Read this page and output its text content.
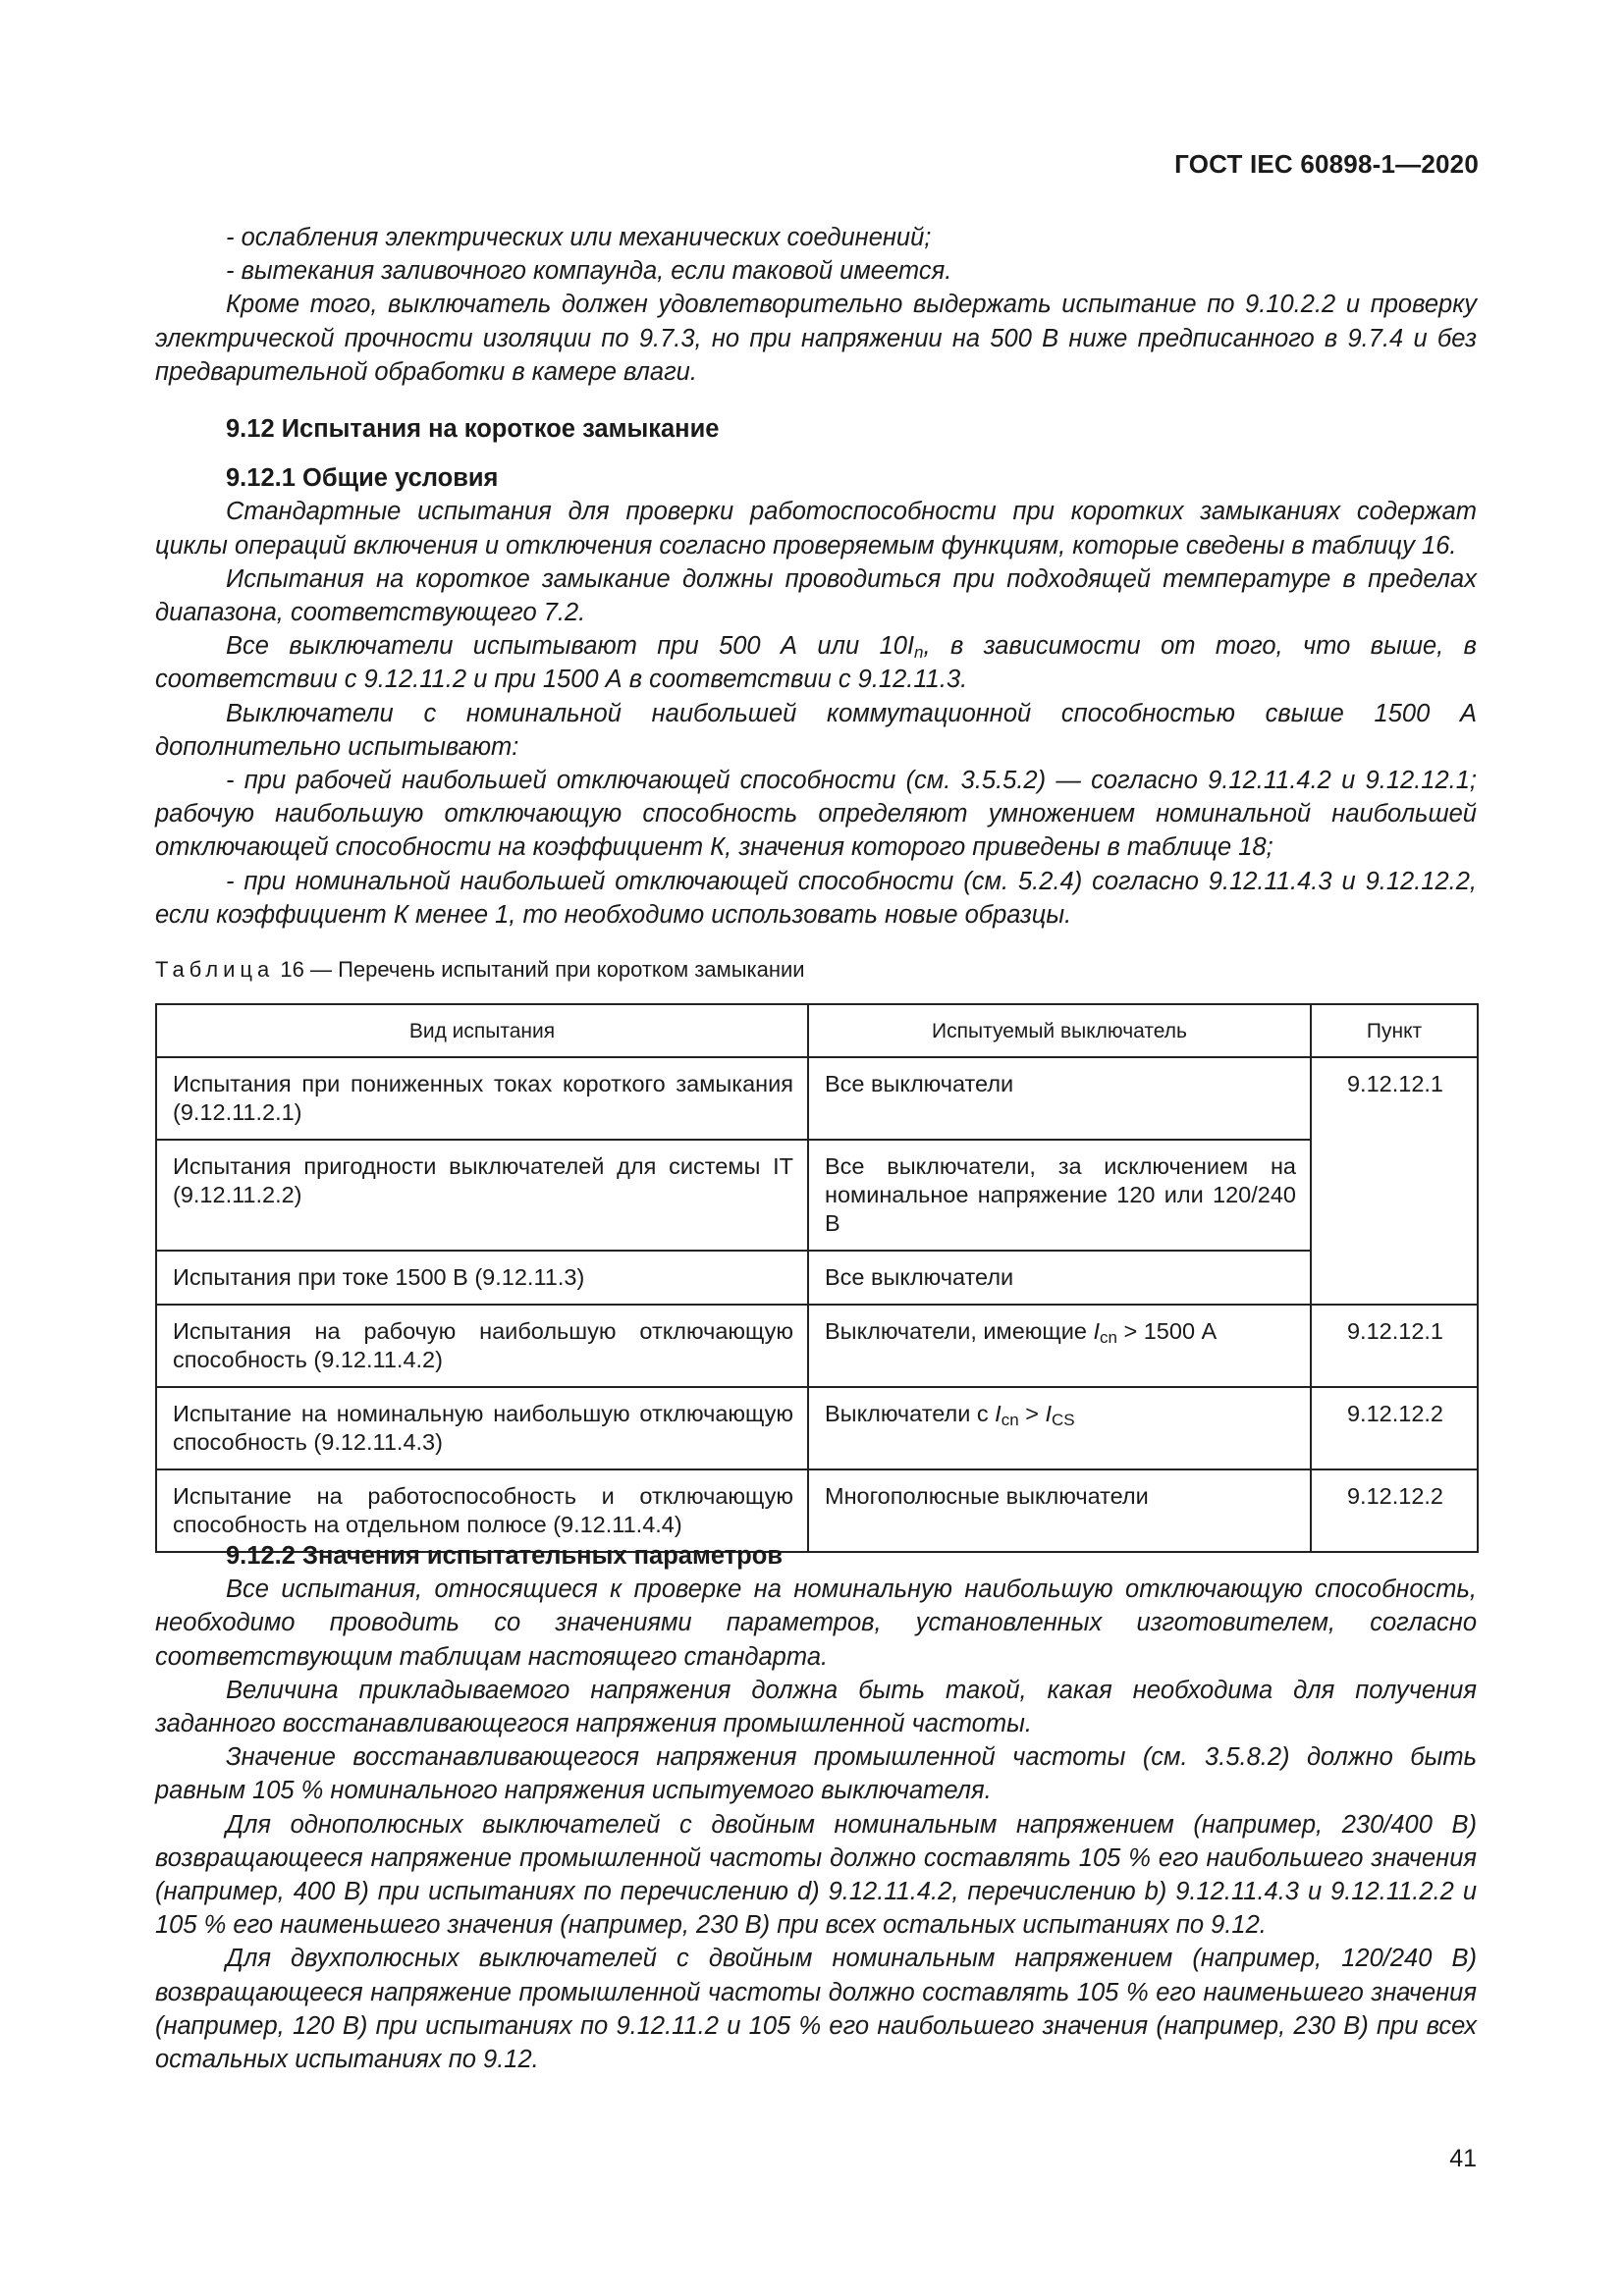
ГОСТ IEC 60898-1—2020

- ослабления электрических или механических соединений;

- вытекания заливочного компаунда, если таковой имеется.

Кроме того, выключатель должен удовлетворительно выдержать испытание по 9.10.2.2 и проверку электрической прочности изоляции по 9.7.3, но при напряжении на 500 В ниже предписанного в 9.7.4 и без предварительной обработки в камере влаги.

9.12 Испытания на короткое замыкание

9.12.1 Общие условия

Стандартные испытания для проверки работоспособности при коротких замыканиях содержат циклы операций включения и отключения согласно проверяемым функциям, которые сведены в таблицу 16.

Испытания на короткое замыкание должны проводиться при подходящей температуре в пределах диапазона, соответствующего 7.2.

Все выключатели испытывают при 500 А или $10I_n$, в зависимости от того, что выше, в соответствии с 9.12.11.2 и при 1500 А в соответствии с 9.12.11.3.

Выключатели с номинальной наибольшей коммутационной способностью свыше 1500 А дополнительно испытывают:

- при рабочей наибольшей отключающей способности (см. 3.5.5.2) — согласно 9.12.11.4.2 и 9.12.12.1; рабочую наибольшую отключающую способность определяют умножением номинальной наибольшей отключающей способности на коэффициент К, значения которого приведены в таблице 18;

- при номинальной наибольшей отключающей способности (см. 5.2.4) согласно 9.12.11.4.3 и 9.12.12.2, если коэффициент К менее 1, то необходимо использовать новые образцы.

Таблица 16 — Перечень испытаний при коротком замыкании
Вид испытания	Испытуемый выключатель	Пункт
Испытания при пониженных токах короткого замыкания (9.12.11.2.1)	Все выключатели	9.12.12.1
Испытания пригодности выключателей для системы IT (9.12.11.2.2)	Все выключатели, за исключением на номинальное напряжение 120 или 120/240 В	
Испытания при токе 1500 В (9.12.11.3)	Все выключатели	
Испытания на рабочую наибольшую отключающую способность (9.12.11.4.2)	Выключатели, имеющие $I_{cn} > 1500$ А	9.12.12.1
Испытание на номинальную наибольшую отключающую способность (9.12.11.4.3)	Выключатели с $I_{cn} > I_{CS}$	9.12.12.2
Испытание на работоспособность и отключающую способность на отдельном полюсе (9.12.11.4.4)	Многополюсные выключатели	9.12.12.2

9.12.2 Значения испытательных параметров

Все испытания, относящиеся к проверке на номинальную наибольшую отключающую способность, необходимо проводить со значениями параметров, установленных изготовителем, согласно соответствующим таблицам настоящего стандарта.

Величина прикладываемого напряжения должна быть такой, какая необходима для получения заданного восстанавливающегося напряжения промышленной частоты.

Значение восстанавливающегося напряжения промышленной частоты (см. 3.5.8.2) должно быть равным 105 % номинального напряжения испытуемого выключателя.

Для однополюсных выключателей с двойным номинальным напряжением (например, 230/400 В) возвращающееся напряжение промышленной частоты должно составлять 105 % его наибольшего значения (например, 400 В) при испытаниях по перечислению d) 9.12.11.4.2, перечислению b) 9.12.11.4.3 и 9.12.11.2.2 и 105 % его наименьшего значения (например, 230 В) при всех остальных испытаниях по 9.12.

Для двухполюсных выключателей с двойным номинальным напряжением (например, 120/240 В) возвращающееся напряжение промышленной частоты должно составлять 105 % его наименьшего значения (например, 120 В) при испытаниях по 9.12.11.2 и 105 % его наибольшего значения (например, 230 В) при всех остальных испытаниях по 9.12.

41
